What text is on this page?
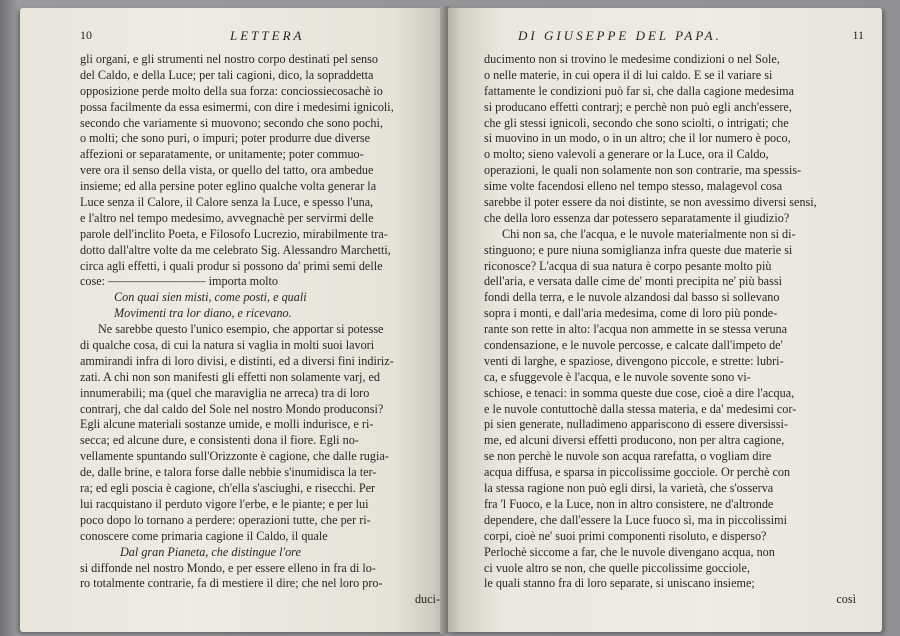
10	LETTERA
gli organi, e gli strumenti nel nostro corpo destinati pel senso
del Caldo, e della Luce; per tali cagioni, dico, la sopraddetta
opposizione perde molto della sua forza: conciossiecosachè io
possa facilmente da essa esimermi, con dire i medesimi ignicoli,
secondo che variamente si muovono; secondo che sono pochi,
o molti; che sono puri, o impuri; poter produrre due diverse
affezioni or separatamente, or unitamente; poter commuo-
vere ora il senso della vista, or quello del tatto, ora ambedue
insieme; ed alla persine poter eglino qualche volta generar la
Luce senza il Calore, il Calore senza la Luce, e spesso l'una,
e l'altro nel tempo medesimo, avvegnachè per servirmi delle
parole dell'inclito Poeta, e Filosofo Lucrezio, mirabilmente tra-
dotto dall'altre volte da me celebrato Sig. Alessandro Marchetti,
circa agli effetti, i quali produr si possono da' primi semi delle
cose: ———————— importa molto
Con quai sien misti, come posti, e quali
Movimenti tra lor diano, e ricevano.
Ne sarebbe questo l'unico esempio, che apportar si potesse
di qualche cosa, di cui la natura si vaglia in molti suoi lavori
ammirandi infra di loro divisi, e distinti, ed a diversi fini indiriz-
zati. A chi non son manifesti gli effetti non solamente varj, ed
innumerabili; ma (quel che maraviglia ne arreca) tra di loro
contrarj, che dal caldo del Sole nel nostro Mondo produconsi?
Egli alcune materiali sostanze umide, e molli indurisce, e ri-
secca; ed alcune dure, e consistenti dona il fiore. Egli no-
vellamente spuntando sull'Orizzonte è cagione, che dalle rugia-
de, dalle brine, e talora forse dalle nebbie s'inumidisca la ter-
ra; ed egli poscia è cagione, ch'ella s'asciughi, e risecchi. Per
lui racquistano il perduto vigore l'erbe, e le piante; e per lui
poco dopo lo tornano a perdere: operazioni tutte, che per ri-
conoscere come primaria cagione il Caldo, il quale
Dal gran Pianeta, che distingue l'ore
si diffonde nel nostro Mondo, e per essere elleno in fra di lo-
ro totalmente contrarie, fa di mestiere il dire; che nel loro pro-
duci-
DI GIUSEPPE DEL PAPA.	11
ducimento non si trovino le medesime condizioni o nel Sole,
o nelle materie, in cui opera il di lui caldo. E se il variare si
fattamente le condizioni può far sì, che dalla cagione medesima
si producano effetti contrarj; e perchè non può egli anch'essere,
che gli stessi ignicoli, secondo che sono sciolti, o intrigati; che
si muovino in un modo, o in un altro; che il lor numero è poco,
o molto; sieno valevoli a generare or la Luce, ora il Caldo,
operazioni, le quali non solamente non son contrarie, ma spessis-
sime volte facendosi elleno nel tempo stesso, malagevol cosa
sarebbe il poter essere da noi distinte, se non avessimo diversi sensi,
che della loro essenza dar potessero separatamente il giudizio?
Chi non sa, che l'acqua, e le nuvole materialmente non si di-
stinguono; e pure niuna somiglianza infra queste due materie si
riconosce? L'acqua di sua natura è corpo pesante molto più
dell'aria, e versata dalle cime de' monti precipita ne' più bassi
fondi della terra, e le nuvole alzandosi dal basso si sollevano
sopra i monti, e dall'aria medesima, come di loro più ponde-
rante son rette in alto: l'acqua non ammette in se stessa veruna
condensazione, e le nuvole percosse, e calcate dall'impeto de'
venti di larghe, e spaziose, divengono piccole, e strette: lubri-
ca, e sfuggevole è l'acqua, e le nuvole sovente sono vi-
schiose, e tenaci: in somma queste due cose, cioè a dire l'acqua,
e le nuvole contuttochè dalla stessa materia, e da' medesimi cor-
pi sien generate, nulladimeno appariscono di essere diversissi-
me, ed alcuni diversi effetti producono, non per altra cagione,
se non perchè le nuvole son acqua rarefatta, o vogliam dire
acqua diffusa, e sparsa in piccolissime gocciole. Or perchè con
la stessa ragione non può egli dirsi, la varietà, che s'osserva
fra 'l Fuoco, e la Luce, non in altro consistere, ne d'altronde
dependere, che dall'essere la Luce fuoco sì, ma in piccolissimi
corpi, cioè ne' suoi primi componenti risoluto, e disperso?
Perlochè siccome a far, che le nuvole divengano acqua, non
ci vuole altro se non, che quelle piccolissime gocciole,
le quali stanno fra di loro separate, si uniscano insieme;
così
